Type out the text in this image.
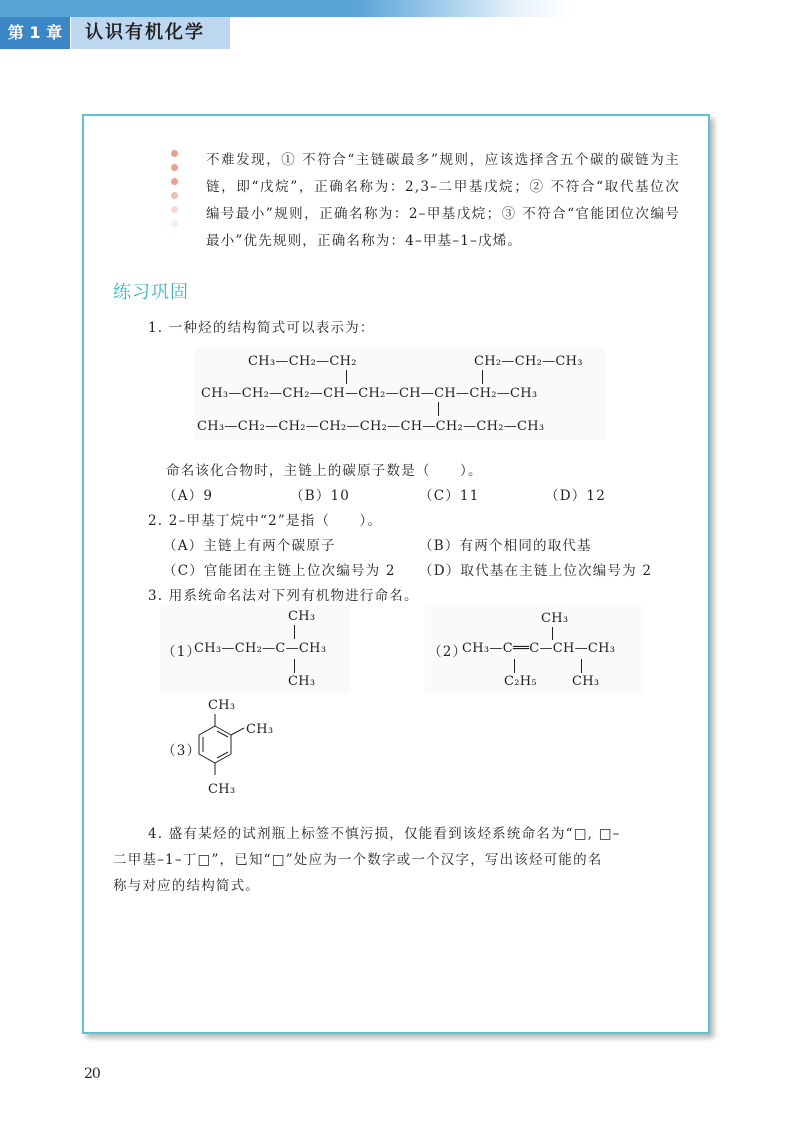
第 1 章	认识有机化学
不难发现，① 不符合“主链碳最多”规则，应该选择含五个碳的碳链为主链，即“戊烷”，正确名称为：2,3–二甲基戊烷；② 不符合“取代基位次编号最小”规则，正确名称为：2–甲基戊烷；③ 不符合“官能团位次编号最小”优先规则，正确名称为：4–甲基–1–戊烯。
练习巩固
1. 一种烃的结构简式可以表示为：
CH₃—CH₂—CH₂	CH₂—CH₂—CH₃
CH₃—CH₂—CH₂—CH—CH₂—CH—CH—CH₂—CH₃
CH₃—CH₂—CH₂—CH₂—CH₂—CH—CH₂—CH₂—CH₃
命名该化合物时，主链上的碳原子数是（　　）。
（A）9	（B）10	（C）11	（D）12
2. 2–甲基丁烷中“2”是指（　　）。
（A）主链上有两个碳原子	（B）有两个相同的取代基
（C）官能团在主链上位次编号为 2 （D）取代基在主链上位次编号为 2
3. 用系统命名法对下列有机物进行命名。
CH₃
（1）
CH₃—CH₂—C—CH₃
CH₃
CH₃
（2）
CH₃—C══C—CH—CH₃
C₂H₅	CH₃
CH₃
CH₃
（3）
CH₃
4. 盛有某烃的试剂瓶上标签不慎污损，仅能看到该烃系统命名为“□, □–
二甲基–1–丁□”，已知“□”处应为一个数字或一个汉字，写出该烃可能的名
称与对应的结构简式。
20
